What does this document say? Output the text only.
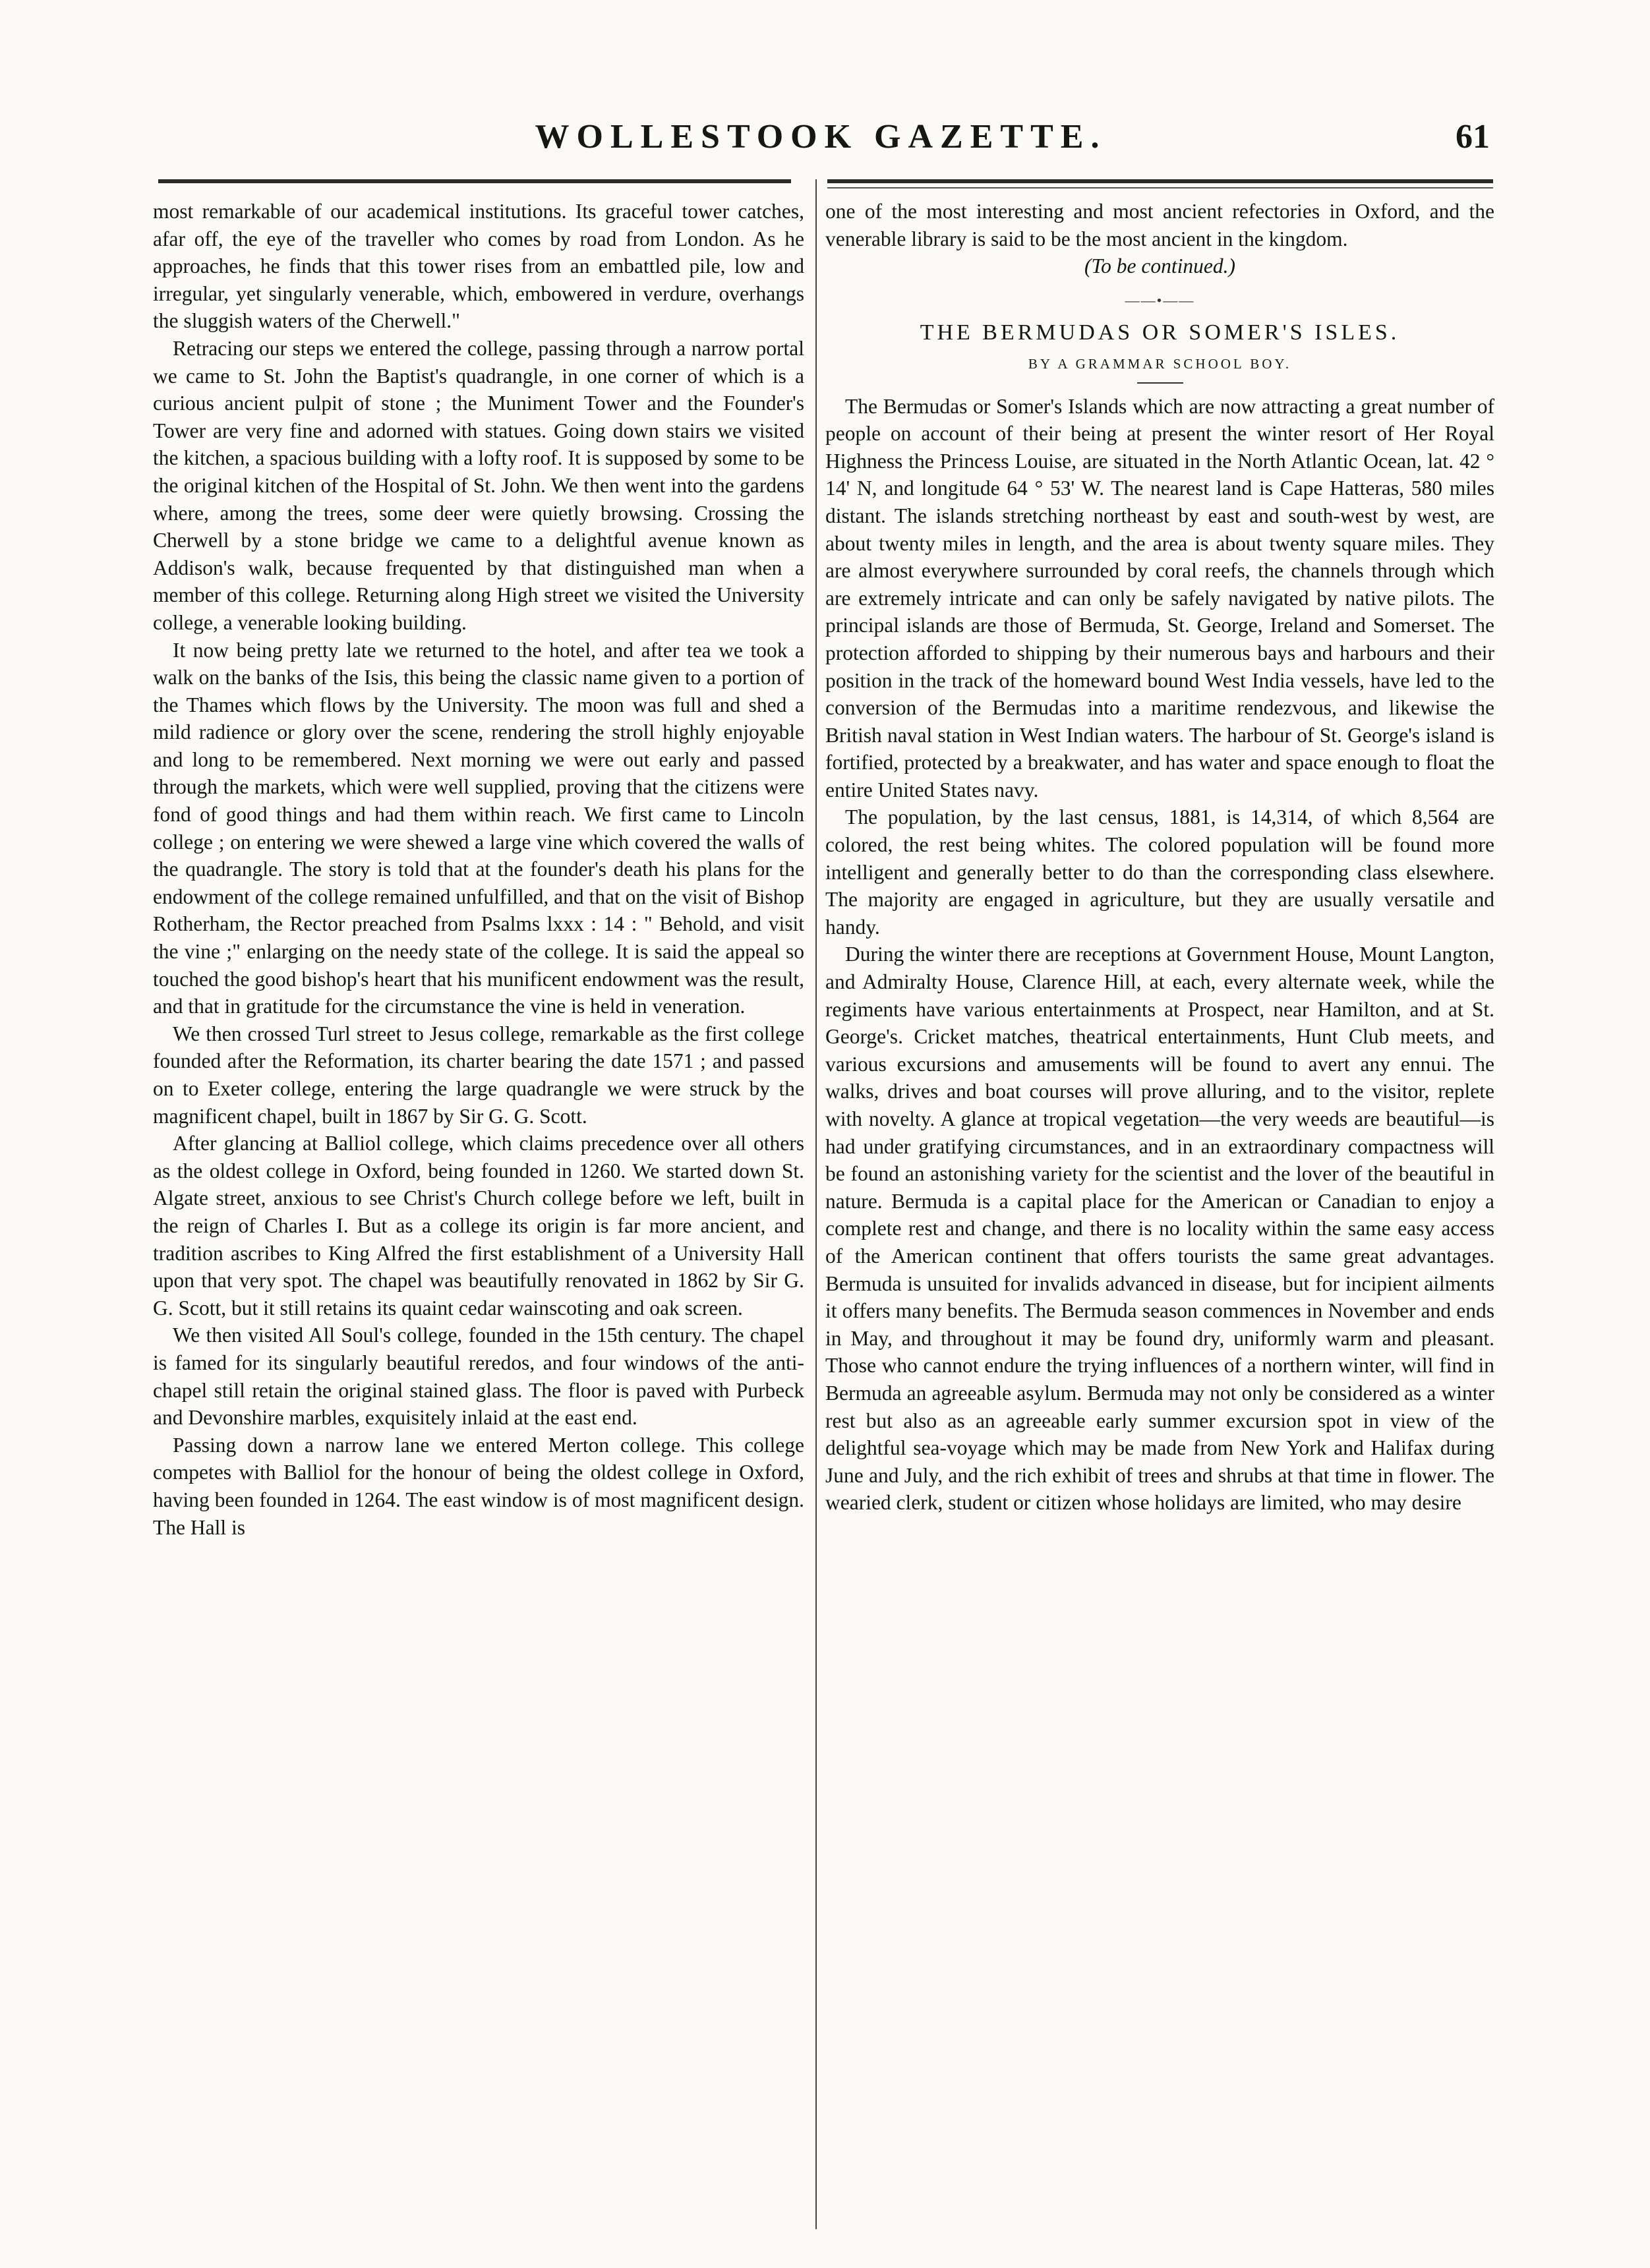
WOLLESTOOK GAZETTE.	61

most remarkable of our academical institutions. Its graceful tower catches, afar off, the eye of the traveller who comes by road from London. As he approaches, he finds that this tower rises from an embattled pile, low and irregular, yet singularly venerable, which, embowered in verdure, overhangs the sluggish waters of the Cherwell."

Retracing our steps we entered the college, passing through a narrow portal we came to St. John the Baptist's quadrangle, in one corner of which is a curious ancient pulpit of stone ; the Muniment Tower and the Founder's Tower are very fine and adorned with statues. Going down stairs we visited the kitchen, a spacious building with a lofty roof. It is supposed by some to be the original kitchen of the Hospital of St. John. We then went into the gardens where, among the trees, some deer were quietly browsing. Crossing the Cherwell by a stone bridge we came to a delightful avenue known as Addison's walk, because frequented by that distinguished man when a member of this college. Returning along High street we visited the University college, a venerable looking building.

It now being pretty late we returned to the hotel, and after tea we took a walk on the banks of the Isis, this being the classic name given to a portion of the Thames which flows by the University. The moon was full and shed a mild radience or glory over the scene, rendering the stroll highly enjoyable and long to be remembered. Next morning we were out early and passed through the markets, which were well supplied, proving that the citizens were fond of good things and had them within reach. We first came to Lincoln college ; on entering we were shewed a large vine which covered the walls of the quadrangle. The story is told that at the founder's death his plans for the endowment of the college remained unfulfilled, and that on the visit of Bishop Rotherham, the Rector preached from Psalms lxxx : 14 : " Behold, and visit the vine ;" enlarging on the needy state of the college. It is said the appeal so touched the good bishop's heart that his munificent endowment was the result, and that in gratitude for the circumstance the vine is held in veneration.

We then crossed Turl street to Jesus college, remarkable as the first college founded after the Reformation, its charter bearing the date 1571 ; and passed on to Exeter college, entering the large quadrangle we were struck by the magnificent chapel, built in 1867 by Sir G. G. Scott.

After glancing at Balliol college, which claims precedence over all others as the oldest college in Oxford, being founded in 1260. We started down St. Algate street, anxious to see Christ's Church college before we left, built in the reign of Charles I. But as a college its origin is far more ancient, and tradition ascribes to King Alfred the first establishment of a University Hall upon that very spot. The chapel was beautifully renovated in 1862 by Sir G. G. Scott, but it still retains its quaint cedar wainscoting and oak screen.

We then visited All Soul's college, founded in the 15th century. The chapel is famed for its singularly beautiful reredos, and four windows of the anti-chapel still retain the original stained glass. The floor is paved with Purbeck and Devonshire marbles, exquisitely inlaid at the east end.

Passing down a narrow lane we entered Merton college. This college competes with Balliol for the honour of being the oldest college in Oxford, having been founded in 1264. The east window is of most magnificent design. The Hall is

one of the most interesting and most ancient refectories in Oxford, and the venerable library is said to be the most ancient in the kingdom.

(To be continued.)

——•——
THE BERMUDAS OR SOMER'S ISLES.
BY A GRAMMAR SCHOOL BOY.

The Bermudas or Somer's Islands which are now attracting a great number of people on account of their being at present the winter resort of Her Royal Highness the Princess Louise, are situated in the North Atlantic Ocean, lat. 42 ° 14' N, and longitude 64 ° 53' W. The nearest land is Cape Hatteras, 580 miles distant. The islands stretching northeast by east and south-west by west, are about twenty miles in length, and the area is about twenty square miles. They are almost everywhere surrounded by coral reefs, the channels through which are extremely intricate and can only be safely navigated by native pilots. The principal islands are those of Bermuda, St. George, Ireland and Somerset. The protection afforded to shipping by their numerous bays and harbours and their position in the track of the homeward bound West India vessels, have led to the conversion of the Bermudas into a maritime rendezvous, and likewise the British naval station in West Indian waters. The harbour of St. George's island is fortified, protected by a breakwater, and has water and space enough to float the entire United States navy.

The population, by the last census, 1881, is 14,314, of which 8,564 are colored, the rest being whites. The colored population will be found more intelligent and generally better to do than the corresponding class elsewhere. The majority are engaged in agriculture, but they are usually versatile and handy.

During the winter there are receptions at Government House, Mount Langton, and Admiralty House, Clarence Hill, at each, every alternate week, while the regiments have various entertainments at Prospect, near Hamilton, and at St. George's. Cricket matches, theatrical entertainments, Hunt Club meets, and various excursions and amusements will be found to avert any ennui. The walks, drives and boat courses will prove alluring, and to the visitor, replete with novelty. A glance at tropical vegetation—the very weeds are beautiful—is had under gratifying circumstances, and in an extraordinary compactness will be found an astonishing variety for the scientist and the lover of the beautiful in nature. Bermuda is a capital place for the American or Canadian to enjoy a complete rest and change, and there is no locality within the same easy access of the American continent that offers tourists the same great advantages. Bermuda is unsuited for invalids advanced in disease, but for incipient ailments it offers many benefits. The Bermuda season commences in November and ends in May, and throughout it may be found dry, uniformly warm and pleasant. Those who cannot endure the trying influences of a northern winter, will find in Bermuda an agreeable asylum. Bermuda may not only be considered as a winter rest but also as an agreeable early summer excursion spot in view of the delightful sea-voyage which may be made from New York and Halifax during June and July, and the rich exhibit of trees and shrubs at that time in flower. The wearied clerk, student or citizen whose holidays are limited, who may desire
